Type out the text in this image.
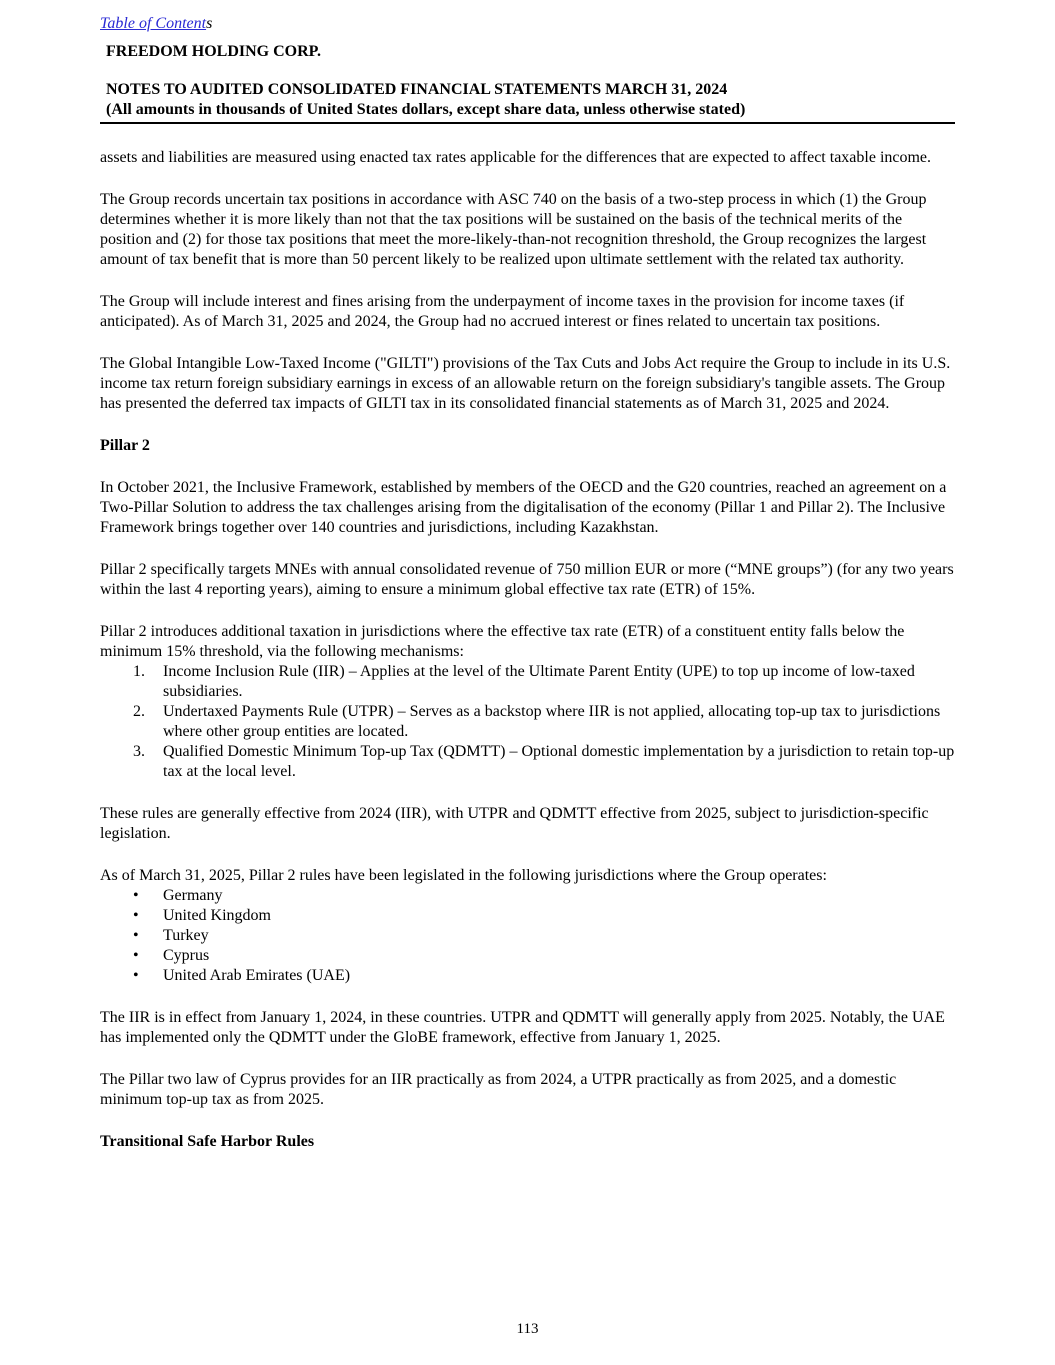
Table of Contents
FREEDOM HOLDING CORP.
NOTES TO AUDITED CONSOLIDATED FINANCIAL STATEMENTS MARCH 31, 2024
(All amounts in thousands of United States dollars, except share data, unless otherwise stated)

assets and liabilities are measured using enacted tax rates applicable for the differences that are expected to affect taxable income.

The Group records uncertain tax positions in accordance with ASC 740 on the basis of a two-step process in which (1) the Group determines whether it is more likely than not that the tax positions will be sustained on the basis of the technical merits of the position and (2) for those tax positions that meet the more-likely-than-not recognition threshold, the Group recognizes the largest amount of tax benefit that is more than 50 percent likely to be realized upon ultimate settlement with the related tax authority.

The Group will include interest and fines arising from the underpayment of income taxes in the provision for income taxes (if anticipated). As of March 31, 2025 and 2024, the Group had no accrued interest or fines related to uncertain tax positions.

The Global Intangible Low-Taxed Income ("GILTI") provisions of the Tax Cuts and Jobs Act require the Group to include in its U.S. income tax return foreign subsidiary earnings in excess of an allowable return on the foreign subsidiary's tangible assets. The Group has presented the deferred tax impacts of GILTI tax in its consolidated financial statements as of March 31, 2025 and 2024.

Pillar 2

In October 2021, the Inclusive Framework, established by members of the OECD and the G20 countries, reached an agreement on a Two-Pillar Solution to address the tax challenges arising from the digitalisation of the economy (Pillar 1 and Pillar 2). The Inclusive Framework brings together over 140 countries and jurisdictions, including Kazakhstan.

Pillar 2 specifically targets MNEs with annual consolidated revenue of 750 million EUR or more (“MNE groups”) (for any two years within the last 4 reporting years), aiming to ensure a minimum global effective tax rate (ETR) of 15%.

Pillar 2 introduces additional taxation in jurisdictions where the effective tax rate (ETR) of a constituent entity falls below the minimum 15% threshold, via the following mechanisms:

1.	Income Inclusion Rule (IIR) – Applies at the level of the Ultimate Parent Entity (UPE) to top up income of low-taxed subsidiaries.
2.	Undertaxed Payments Rule (UTPR) – Serves as a backstop where IIR is not applied, allocating top-up tax to jurisdictions where other group entities are located.
3.	Qualified Domestic Minimum Top-up Tax (QDMTT) – Optional domestic implementation by a jurisdiction to retain top-up tax at the local level.

These rules are generally effective from 2024 (IIR), with UTPR and QDMTT effective from 2025, subject to jurisdiction-specific legislation.

As of March 31, 2025, Pillar 2 rules have been legislated in the following jurisdictions where the Group operates:

•	Germany
•	United Kingdom
•	Turkey
•	Cyprus
•	United Arab Emirates (UAE)

The IIR is in effect from January 1, 2024, in these countries. UTPR and QDMTT will generally apply from 2025. Notably, the UAE has implemented only the QDMTT under the GloBE framework, effective from January 1, 2025.

The Pillar two law of Cyprus provides for an IIR practically as from 2024, a UTPR practically as from 2025, and a domestic minimum top-up tax as from 2025.

Transitional Safe Harbor Rules
113
